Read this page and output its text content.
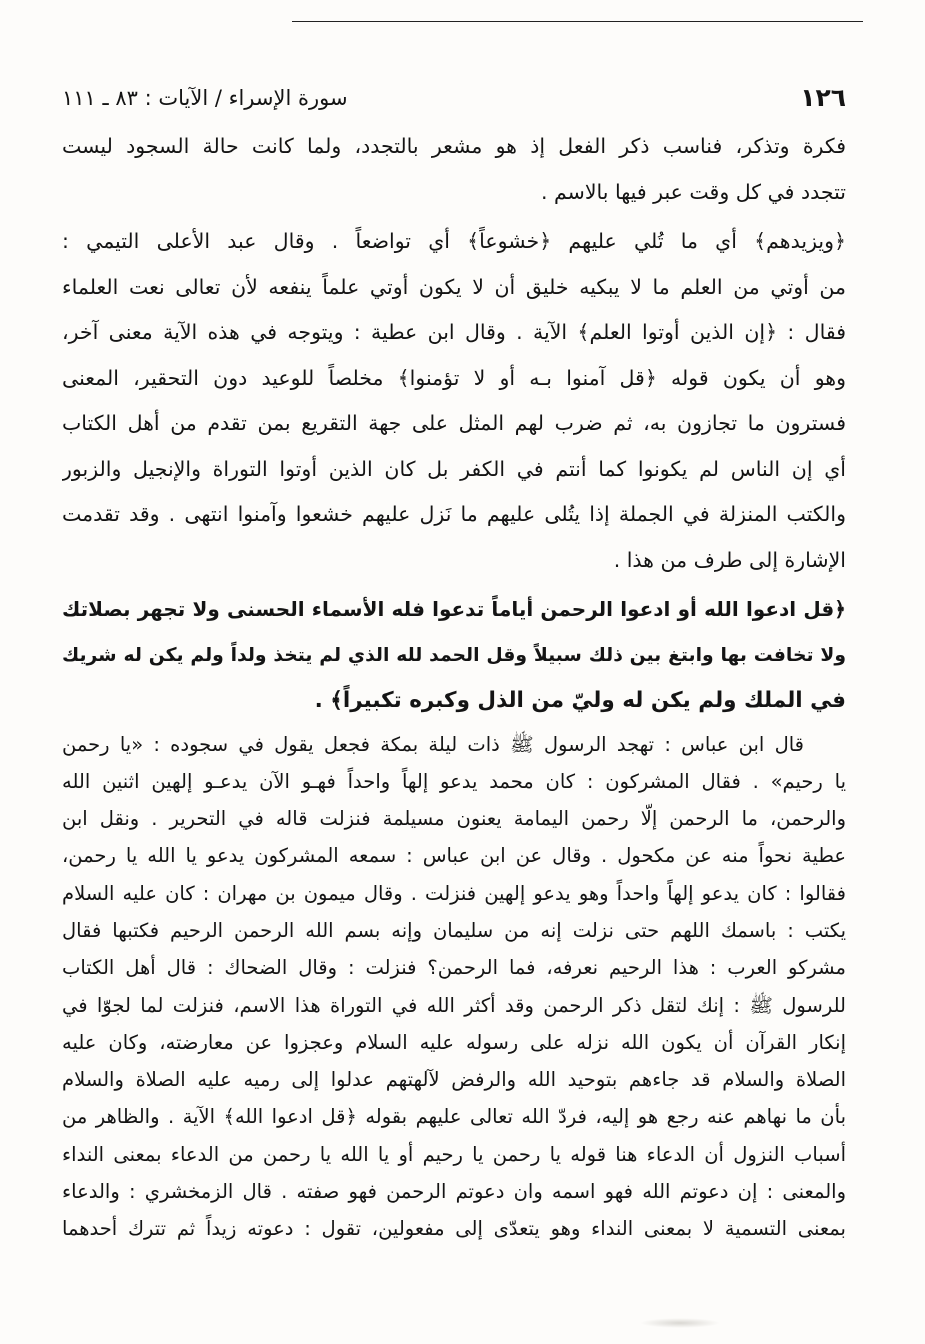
١٢٦
سورة الإسراء / الآيات : ٨٣ ـ ١١١
فكرة وتذكر، فناسب ذكر الفعل إذ هو مشعر بالتجدد، ولما كانت حالة السجود ليست
تتجدد في كل وقت عبر فيها بالاسم .
﴿ويزيدهم﴾ أي ما تُلي عليهم ﴿خشوعاً﴾ أي تواضعاً . وقال عبد الأعلى التيمي :
من أوتي من العلم ما لا يبكيه خليق أن لا يكون أوتي علماً ينفعه لأن تعالى نعت العلماء
فقال : ﴿إن الذين أوتوا العلم﴾ الآية . وقال ابن عطية : ويتوجه في هذه الآية معنى آخر،
وهو أن يكون قوله ﴿قل آمنوا بـه أو لا تؤمنوا﴾ مخلصاً للوعيد دون التحقير، المعنى
فسترون ما تجازون به، ثم ضرب لهم المثل على جهة التقريع بمن تقدم من أهل الكتاب
أي إن الناس لم يكونوا كما أنتم في الكفر بل كان الذين أوتوا التوراة والإنجيل والزبور
والكتب المنزلة في الجملة إذا يتُلى عليهم ما نَزل عليهم خشعوا وآمنوا انتهى . وقد تقدمت
الإشارة إلى طرف من هذا .
﴿قل ادعوا الله أو ادعوا الرحمن أياماً تدعوا فله الأسماء الحسنى ولا تجهر بصلاتك
ولا تخافت بها وابتغ بين ذلك سبيلاً وقل الحمد لله الذي لم يتخذ ولداً ولم يكن له شريك
في الملك ولم يكن له وليّ من الذل وكبره تكبيراً﴾ .
قال ابن عباس : تهجد الرسول ﷺ ذات ليلة بمكة فجعل يقول في سجوده : «يا رحمن
يا رحيم» . فقال المشركون : كان محمد يدعو إلهاً واحداً فهـو الآن يدعـو إلهين اثنين الله
والرحمن، ما الرحمن إلّا رحمن اليمامة يعنون مسيلمة فنزلت قاله في التحرير . ونقل ابن
عطية نحواً منه عن مكحول . وقال عن ابن عباس : سمعه المشركون يدعو يا الله يا رحمن،
فقالوا : كان يدعو إلهاً واحداً وهو يدعو إلهين فنزلت . وقال ميمون بن مهران : كان عليه السلام
يكتب : باسمك اللهم حتى نزلت إنه من سليمان وإنه بسم الله الرحمن الرحيم فكتبها فقال
مشركو العرب : هذا الرحيم نعرفه، فما الرحمن؟ فنزلت : وقال الضحاك : قال أهل الكتاب
للرسول ﷺ : إنك لتقل ذكر الرحمن وقد أكثر الله في التوراة هذا الاسم، فنزلت لما لجوّا في
إنكار القرآن أن يكون الله نزله على رسوله عليه السلام وعجزوا عن معارضته، وكان عليه
الصلاة والسلام قد جاءهم بتوحيد الله والرفض لآلهتهم عدلوا إلى رميه عليه الصلاة والسلام
بأن ما نهاهم عنه رجع هو إليه، فردّ الله تعالى عليهم بقوله ﴿قل ادعوا الله﴾ الآية . والظاهر من
أسباب النزول أن الدعاء هنا قوله يا رحمن يا رحيم أو يا الله يا رحمن من الدعاء بمعنى النداء
والمعنى : إن دعوتم الله فهو اسمه وان دعوتم الرحمن فهو صفته . قال الزمخشري : والدعاء
بمعنى التسمية لا بمعنى النداء وهو يتعدّى إلى مفعولين، تقول : دعوته زيداً ثم تترك أحدهما
